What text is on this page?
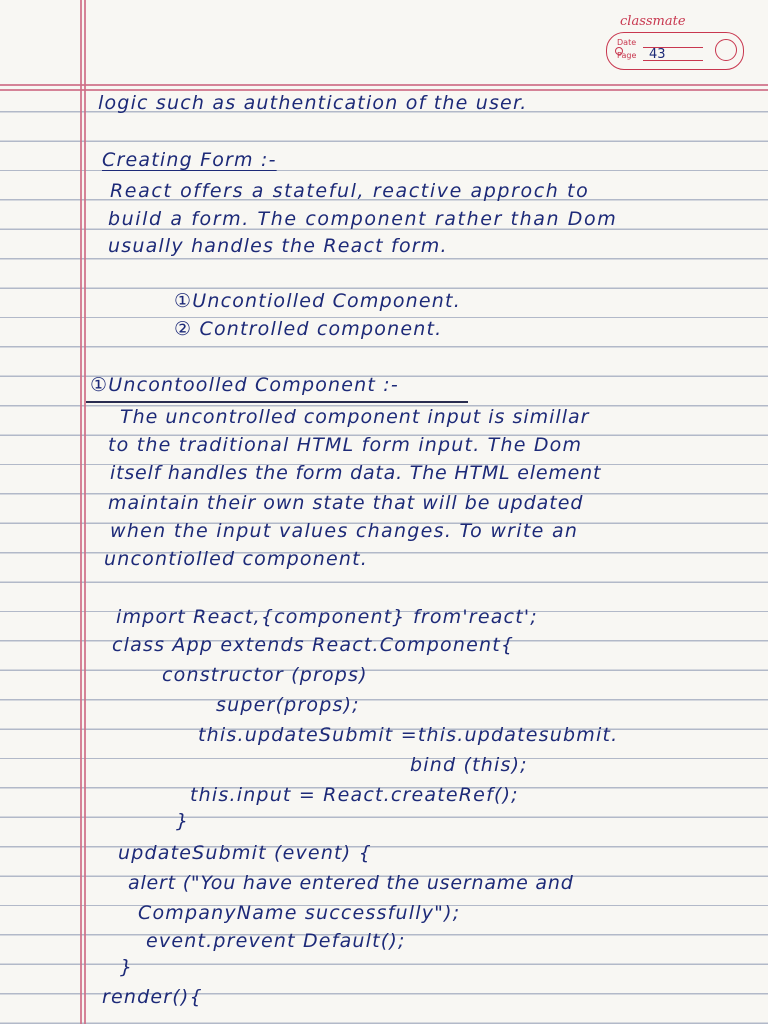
classmate
Date
Page 43
logic such as authentication of the user.
Creating Form :-
React offers a stateful, reactive approch to
build a form. The component rather than Dom
usually handles the React form.
①Uncontiolled Component.
② Controlled component.
①Uncontoolled Component :-
The uncontrolled component input is simillar
to the traditional HTML form input. The Dom
itself handles the form data. The HTML element
maintain their own state that will be updated
when the input values changes. To write an
uncontiolled component.
import React,{component} from'react';
class App extends React.Component{
constructor (props)
super(props);
this.updateSubmit =this.updatesubmit.
bind (this);
this.input = React.createRef();
}
updateSubmit (event) {
alert ("You have entered the username and
CompanyName successfully");
event.prevent Default();
}
render(){
